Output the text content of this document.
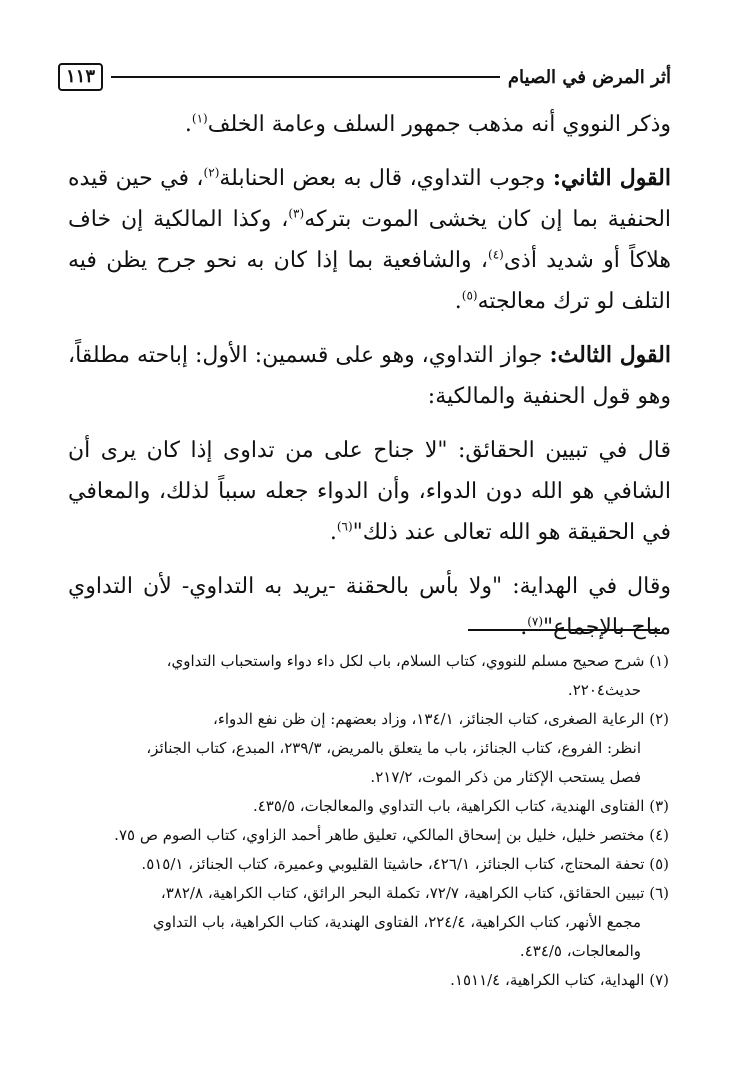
أثر المرض في الصيام
١١٣

وذكر النووي أنه مذهب جمهور السلف وعامة الخلف$^{(١)}$.

القول الثاني: وجوب التداوي، قال به بعض الحنابلة$^{(٢)}$، في حين قيده الحنفية بما إن كان يخشى الموت بتركه$^{(٣)}$، وكذا المالكية إن خاف هلاكاً أو شديد أذى$^{(٤)}$، والشافعية بما إذا كان به نحو جرح يظن فيه التلف لو ترك معالجته$^{(٥)}$.

القول الثالث: جواز التداوي، وهو على قسمين: الأول: إباحته مطلقاً، وهو قول الحنفية والمالكية:

قال في تبيين الحقائق: "لا جناح على من تداوى إذا كان يرى أن الشافي هو الله دون الدواء، وأن الدواء جعله سبباً لذلك، والمعافي في الحقيقة هو الله تعالى عند ذلك"$^{(٦)}$.

وقال في الهداية: "ولا بأس بالحقنة -يريد به التداوي- لأن التداوي مباح بالإجماع"$^{(٧)}$.

(١) شرح صحيح مسلم للنووي، كتاب السلام، باب لكل داء دواء واستحباب التداوي،

حديث٢٢٠٤.

(٢) الرعاية الصغرى، كتاب الجنائز، ١٣٤/١، وزاد بعضهم: إن ظن نفع الدواء،

انظر: الفروع، كتاب الجنائز، باب ما يتعلق بالمريض، ٢٣٩/٣، المبدع، كتاب الجنائز،

فصل يستحب الإكثار من ذكر الموت، ٢١٧/٢.

(٣) الفتاوى الهندية، كتاب الكراهية، باب التداوي والمعالجات، ٤٣٥/٥.

(٤) مختصر خليل، خليل بن إسحاق المالكي، تعليق طاهر أحمد الزاوي، كتاب الصوم ص ٧٥.

(٥) تحفة المحتاج، كتاب الجنائز، ٤٢٦/١، حاشيتا القليوبي وعميرة، كتاب الجنائز، ٥١٥/١.

(٦) تبيين الحقائق، كتاب الكراهية، ٧٢/٧، تكملة البحر الرائق، كتاب الكراهية، ٣٨٢/٨،

مجمع الأنهر، كتاب الكراهية، ٢٢٤/٤، الفتاوى الهندية، كتاب الكراهية، باب التداوي

والمعالجات، ٤٣٤/٥.

(٧) الهداية، كتاب الكراهية، ١٥١١/٤.
